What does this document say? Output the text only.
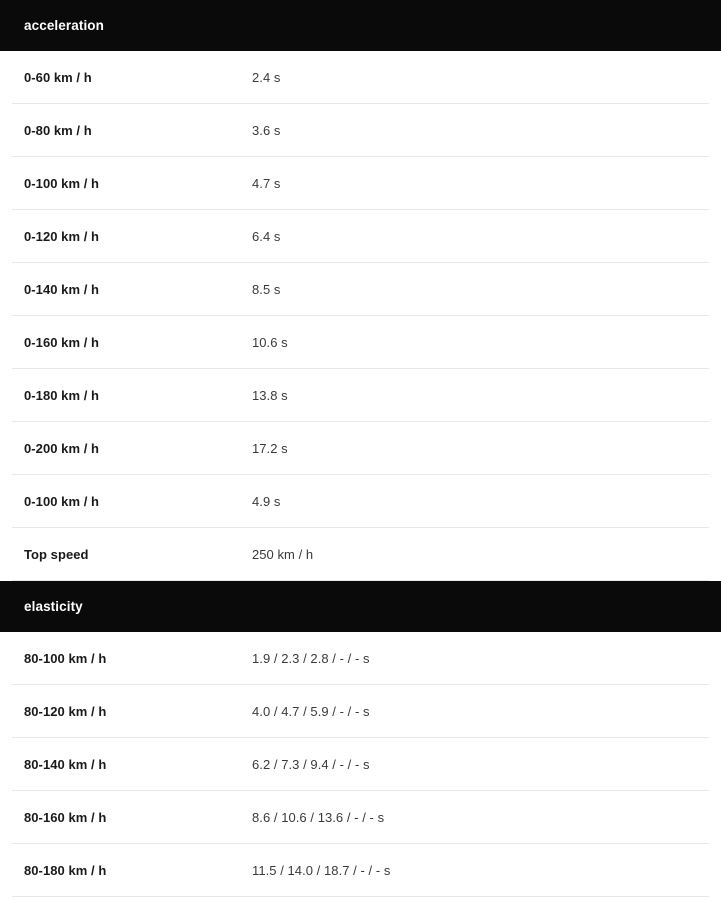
acceleration
0-60 km / h	2.4 s
0-80 km / h	3.6 s
0-100 km / h	4.7 s
0-120 km / h	6.4 s
0-140 km / h	8.5 s
0-160 km / h	10.6 s
0-180 km / h	13.8 s
0-200 km / h	17.2 s
0-100 km / h	4.9 s
Top speed	250 km / h
elasticity
80-100 km / h	1.9 / 2.3 / 2.8 / - / - s
80-120 km / h	4.0 / 4.7 / 5.9 / - / - s
80-140 km / h	6.2 / 7.3 / 9.4 / - / - s
80-160 km / h	8.6 / 10.6 / 13.6 / - / - s
80-180 km / h	11.5 / 14.0 / 18.7 / - / - s
